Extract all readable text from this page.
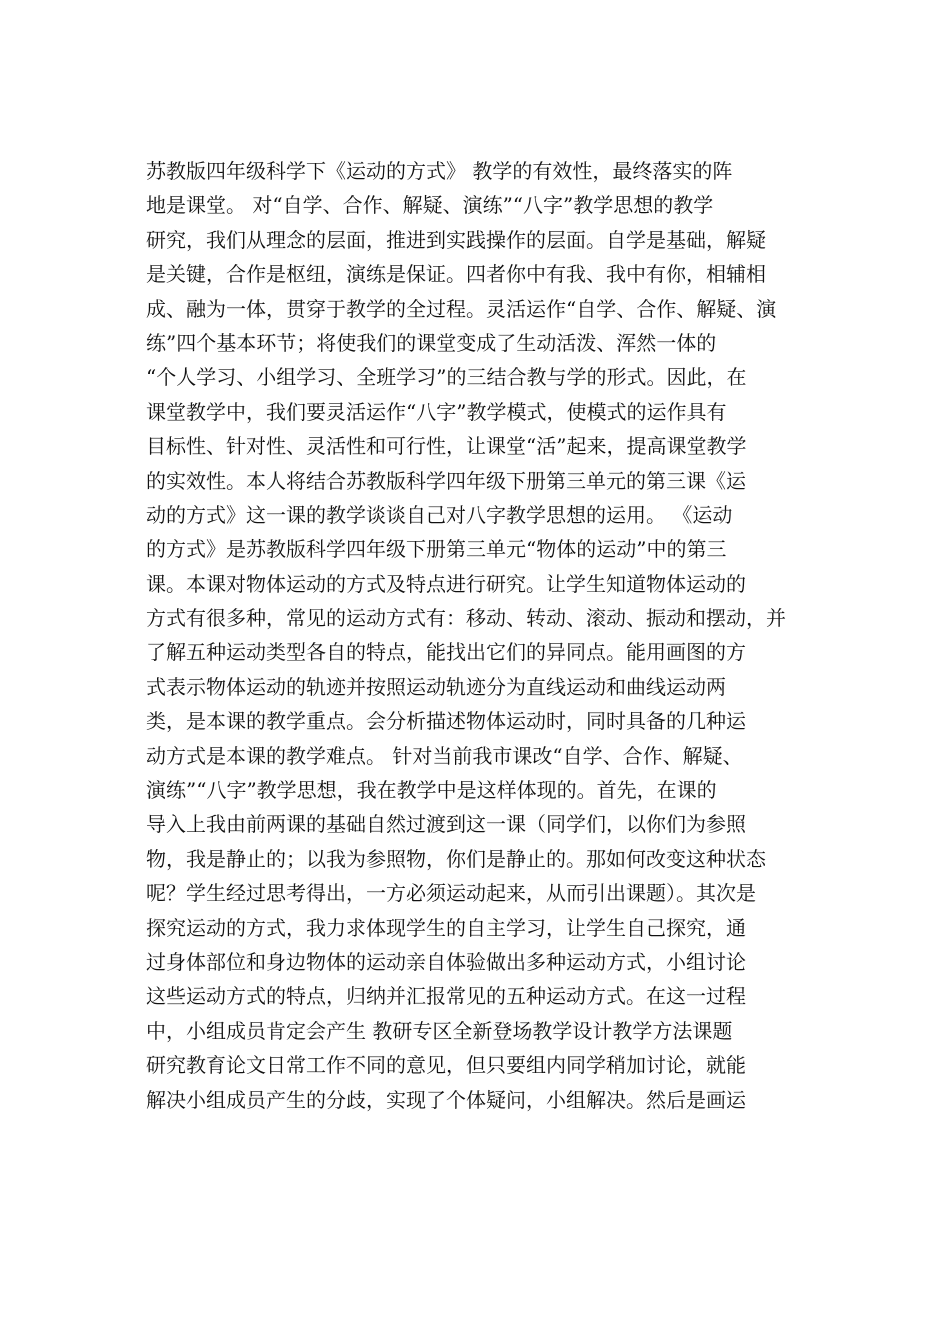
苏教版四年级科学下《运动的方式》 教学的有效性，最终落实的阵
地是课堂。 对“自学、合作、解疑、演练”“八字”教学思想的教学
研究，我们从理念的层面，推进到实践操作的层面。自学是基础，解疑
是关键，合作是枢纽，演练是保证。四者你中有我、我中有你，相辅相
成、融为一体，贯穿于教学的全过程。灵活运作“自学、合作、解疑、演
练”四个基本环节；将使我们的课堂变成了生动活泼、浑然一体的
“个人学习、小组学习、全班学习”的三结合教与学的形式。因此，在
课堂教学中，我们要灵活运作“八字”教学模式，使模式的运作具有
目标性、针对性、灵活性和可行性，让课堂“活”起来，提高课堂教学
的实效性。本人将结合苏教版科学四年级下册第三单元的第三课《运
动的方式》这一课的教学谈谈自己对八字教学思想的运用。 《运动
的方式》是苏教版科学四年级下册第三单元“物体的运动”中的第三
课。本课对物体运动的方式及特点进行研究。让学生知道物体运动的
方式有很多种，常见的运动方式有：移动、转动、滚动、振动和摆动，并
了解五种运动类型各自的特点，能找出它们的异同点。能用画图的方
式表示物体运动的轨迹并按照运动轨迹分为直线运动和曲线运动两
类，是本课的教学重点。会分析描述物体运动时，同时具备的几种运
动方式是本课的教学难点。 针对当前我市课改“自学、合作、解疑、
演练”“八字”教学思想，我在教学中是这样体现的。首先，在课的
导入上我由前两课的基础自然过渡到这一课（同学们，以你们为参照
物，我是静止的；以我为参照物，你们是静止的。那如何改变这种状态
呢？学生经过思考得出，一方必须运动起来，从而引出课题）。其次是
探究运动的方式，我力求体现学生的自主学习，让学生自己探究，通
过身体部位和身边物体的运动亲自体验做出多种运动方式，小组讨论
这些运动方式的特点，归纳并汇报常见的五种运动方式。在这一过程
中，小组成员肯定会产生 教研专区全新登场教学设计教学方法课题
研究教育论文日常工作不同的意见，但只要组内同学稍加讨论，就能
解决小组成员产生的分歧，实现了个体疑问，小组解决。然后是画运
